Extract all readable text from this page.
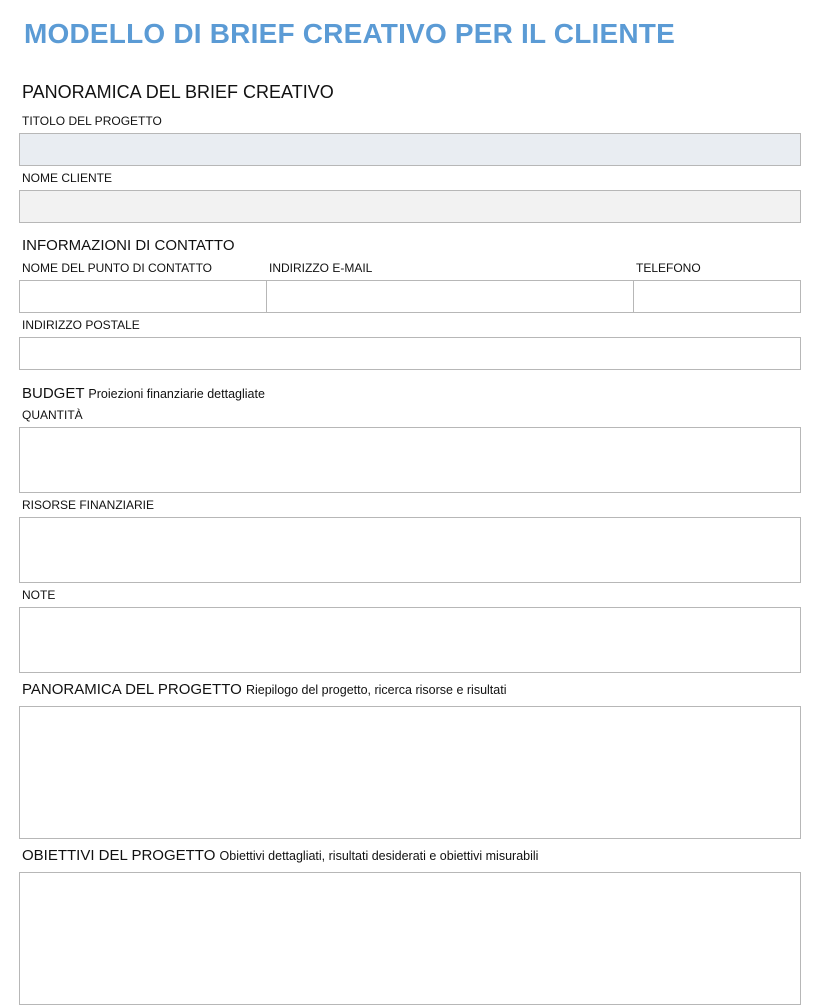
MODELLO DI BRIEF CREATIVO PER IL CLIENTE
PANORAMICA DEL BRIEF CREATIVO
TITOLO DEL PROGETTO
NOME CLIENTE
INFORMAZIONI DI CONTATTO
NOME DEL PUNTO DI CONTATTO	INDIRIZZO E-MAIL	TELEFONO
INDIRIZZO POSTALE
BUDGET Proiezioni finanziarie dettagliate
QUANTITÀ
RISORSE FINANZIARIE
NOTE
PANORAMICA DEL PROGETTO Riepilogo del progetto, ricerca risorse e risultati
OBIETTIVI DEL PROGETTO Obiettivi dettagliati, risultati desiderati e obiettivi misurabili
